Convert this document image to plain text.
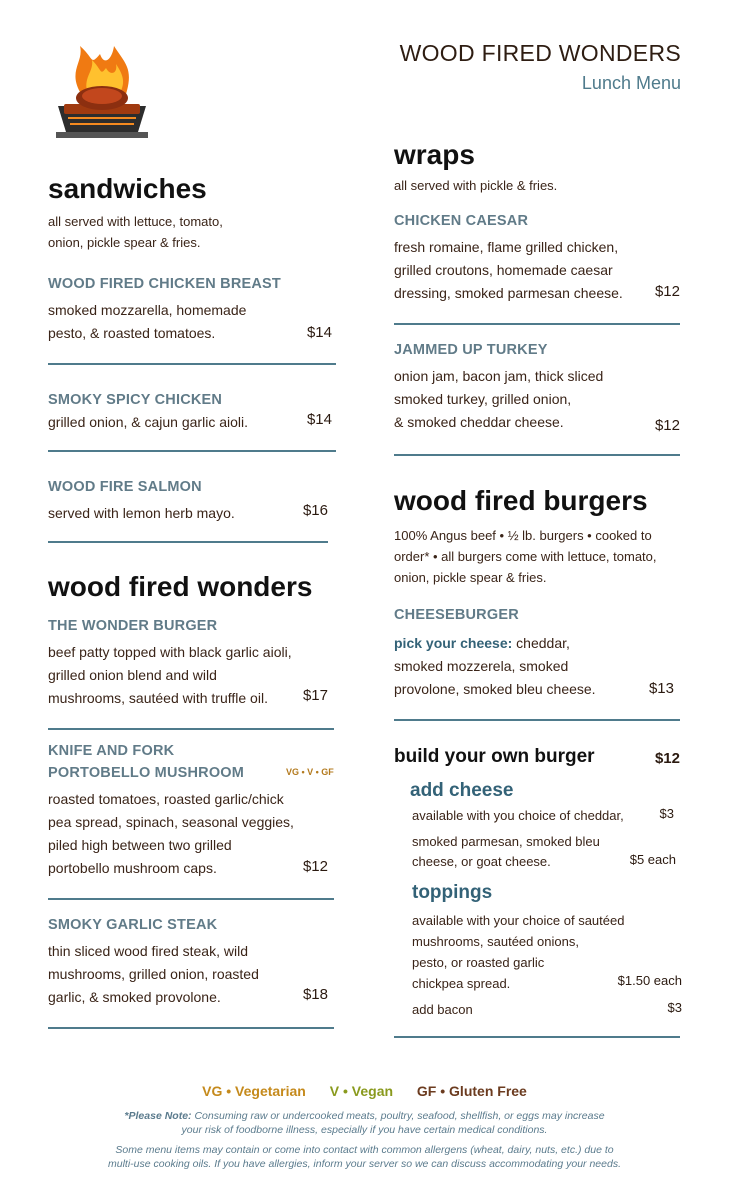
WOOD FIRED WONDERS
Lunch Menu
sandwiches
all served with lettuce, tomato,
onion, pickle spear & fries.
WOOD FIRED CHICKEN BREAST
smoked mozzarella, homemade
pesto, & roasted tomatoes.	$14
SMOKY SPICY CHICKEN
grilled onion, & cajun garlic aioli.	$14
WOOD FIRE SALMON
served with lemon herb mayo.	$16
wood fired wonders
THE WONDER BURGER
beef patty topped with black garlic aioli,
grilled onion blend and wild
mushrooms, sautéed with truffle oil.	$17
KNIFE AND FORK
PORTOBELLO MUSHROOM	VG • V • GF
roasted tomatoes, roasted garlic/chick
pea spread, spinach, seasonal veggies,
piled high between two grilled
portobello mushroom caps.	$12
SMOKY GARLIC STEAK
thin sliced wood fired steak, wild
mushrooms, grilled onion, roasted
garlic, & smoked provolone.	$18
wraps
all served with pickle & fries.
CHICKEN CAESAR
fresh romaine, flame grilled chicken,
grilled croutons, homemade caesar
dressing, smoked parmesan cheese.	$12
JAMMED UP TURKEY
onion jam, bacon jam, thick sliced
smoked turkey, grilled onion,
& smoked cheddar cheese.	$12
wood fired burgers
100% Angus beef • ½ lb. burgers • cooked to
order* • all burgers come with lettuce, tomato,
onion, pickle spear & fries.
CHEESEBURGER
pick your cheese: cheddar,
smoked mozzerela, smoked
provolone, smoked bleu cheese.	$13
build your own burger	$12
add cheese
available with you choice of cheddar,	$3
smoked parmesan, smoked bleu
cheese, or goat cheese.	$5 each
toppings
available with your choice of sautéed
mushrooms, sautéed onions,
pesto, or roasted garlic
chickpea spread.	$1.50 each
add bacon	$3
VG • Vegetarian V • Vegan GF • Gluten Free
*Please Note: Consuming raw or undercooked meats, poultry, seafood, shellfish, or eggs may increase
your risk of foodborne illness, especially if you have certain medical conditions.
Some menu items may contain or come into contact with common allergens (wheat, dairy, nuts, etc.) due to
multi-use cooking oils. If you have allergies, inform your server so we can discuss accommodating your needs.
